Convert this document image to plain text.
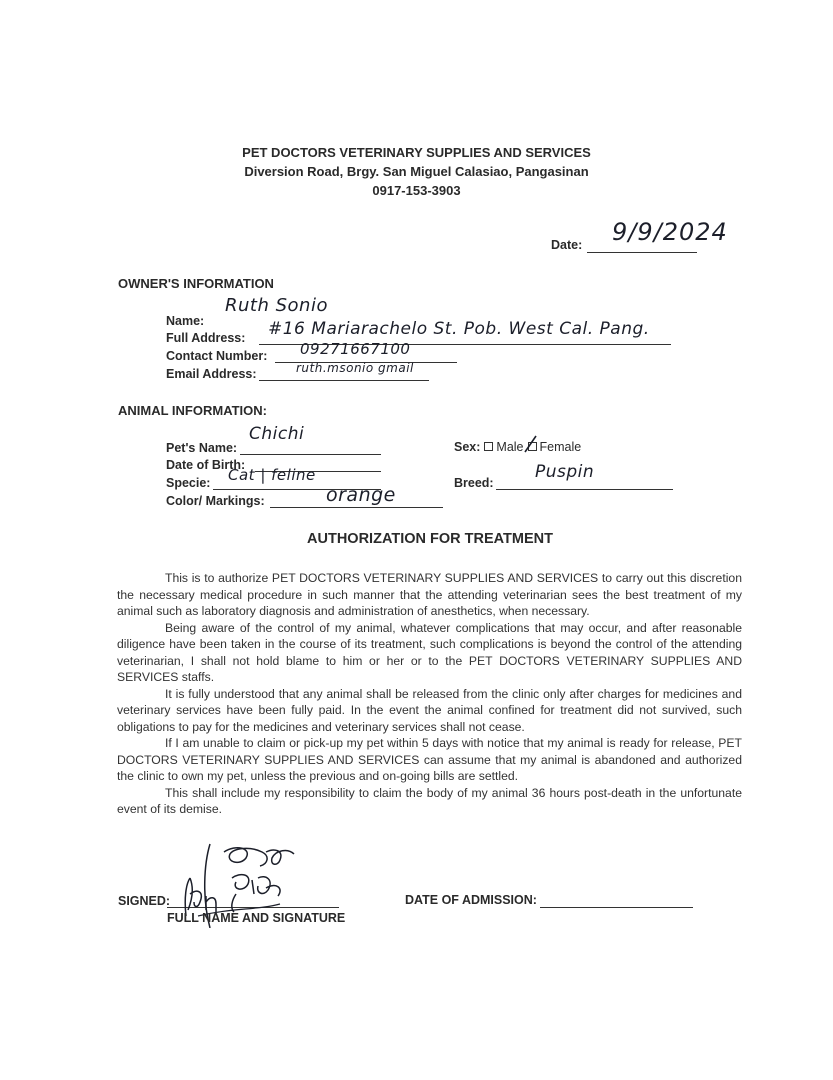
PET DOCTORS VETERINARY SUPPLIES AND SERVICES
Diversion Road, Brgy. San Miguel Calasiao, Pangasinan
0917-153-3903
Date: 9/9/2024
OWNER'S INFORMATION
Name:
Ruth Sonio
Full Address: #16 Mariarachelo St. Pob. West Cal. Pang.
Contact Number: 09271667100
Email Address:	ruth.msonio gmail
ANIMAL INFORMATION:
Pet's Name:
Chichi
Date of Birth:
Specie: Cat | feline
Color/ Markings:	orange
Sex: Male Female
Breed:
Puspin
AUTHORIZATION FOR TREATMENT

This is to authorize PET DOCTORS VETERINARY SUPPLIES AND SERVICES to carry out this discretion the necessary medical procedure in such manner that the attending veterinarian sees the best treatment of my animal such as laboratory diagnosis and administration of anesthetics, when necessary.

Being aware of the control of my animal, whatever complications that may occur, and after reasonable diligence have been taken in the course of its treatment, such complications is beyond the control of the attending veterinarian, I shall not hold blame to him or her or to the PET DOCTORS VETERINARY SUPPLIES AND SERVICES staffs.

It is fully understood that any animal shall be released from the clinic only after charges for medicines and veterinary services have been fully paid. In the event the animal confined for treatment did not survived, such obligations to pay for the medicines and veterinary services shall not cease.

If I am unable to claim or pick-up my pet within 5 days with notice that my animal is ready for release, PET DOCTORS VETERINARY SUPPLIES AND SERVICES can assume that my animal is abandoned and authorized the clinic to own my pet, unless the previous and on-going bills are settled.

This shall include my responsibility to claim the body of my animal 36 hours post-death in the unfortunate event of its demise.

SIGNED:
FULL NAME AND SIGNATURE
DATE OF ADMISSION:
